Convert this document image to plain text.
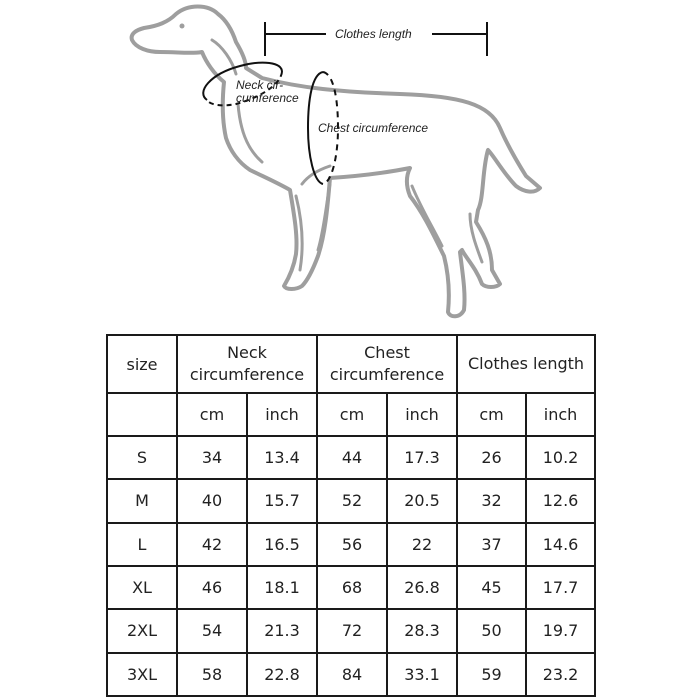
Clothes length
Neck cir-
cumference
Chest circumference
size	Neck circumference		Chest circumference		Clothes length	
	cm	inch	cm	inch	cm	inch
S	34	13.4	44	17.3	26	10.2
M	40	15.7	52	20.5	32	12.6
L	42	16.5	56	22	37	14.6
XL	46	18.1	68	26.8	45	17.7
2XL	54	21.3	72	28.3	50	19.7
3XL	58	22.8	84	33.1	59	23.2
